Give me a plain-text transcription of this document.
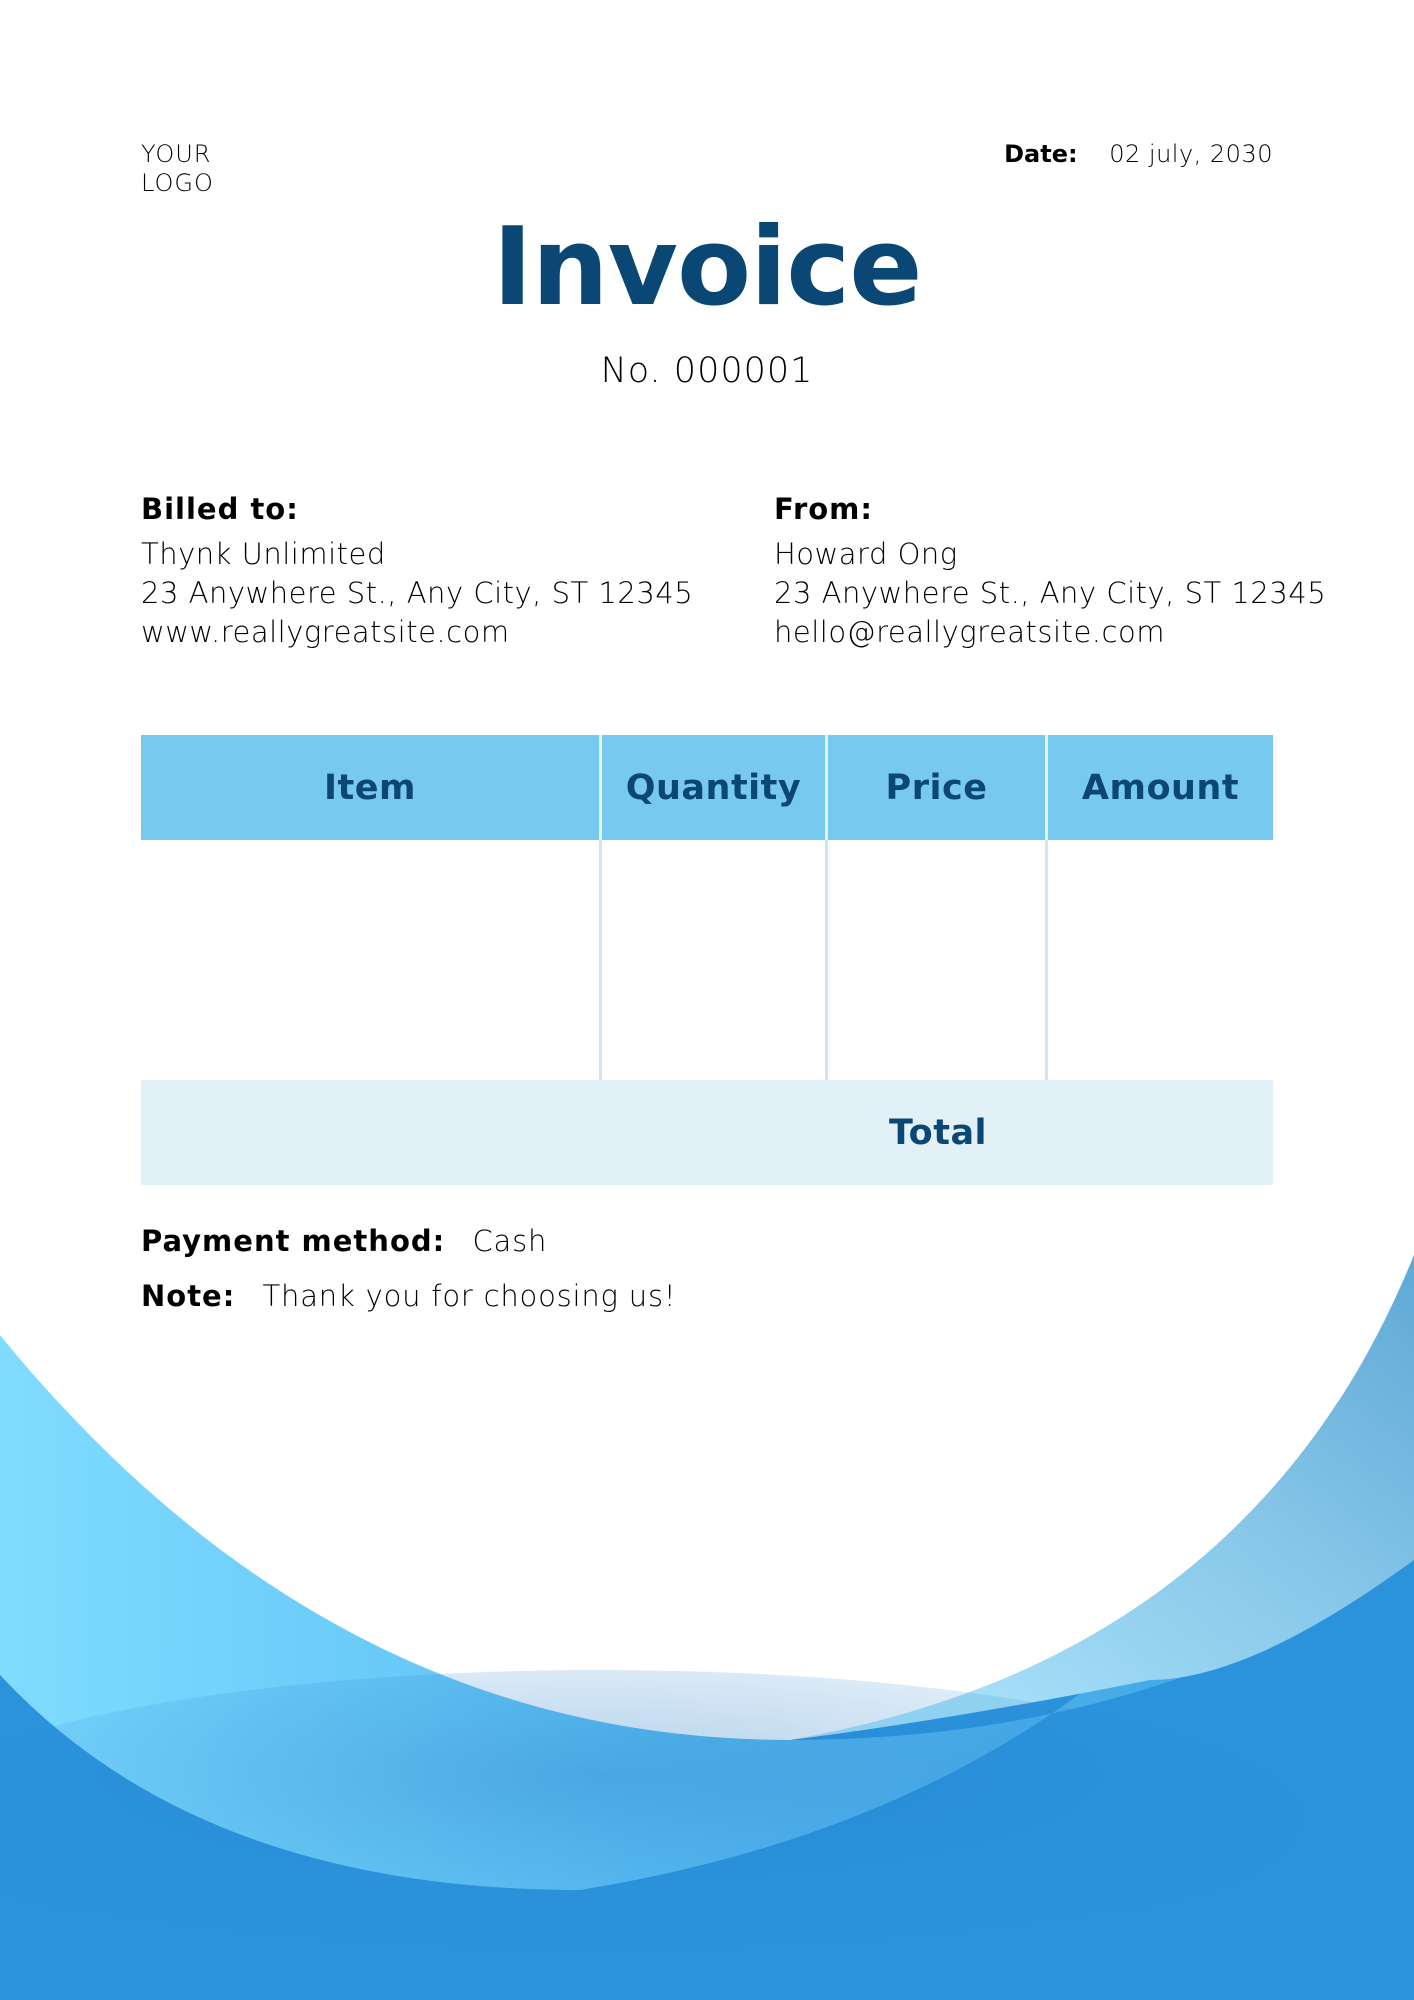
YOUR
LOGO
Date: 02 july, 2030
Invoice
No. 000001
Billed to:
Thynk Unlimited
23 Anywhere St., Any City, ST 12345
www.reallygreatsite.com
From:
Howard Ong
23 Anywhere St., Any City, ST 12345
hello@reallygreatsite.com
Item	Quantity	Price	Amount
Total
Payment method: Cash
Note: Thank you for choosing us!
